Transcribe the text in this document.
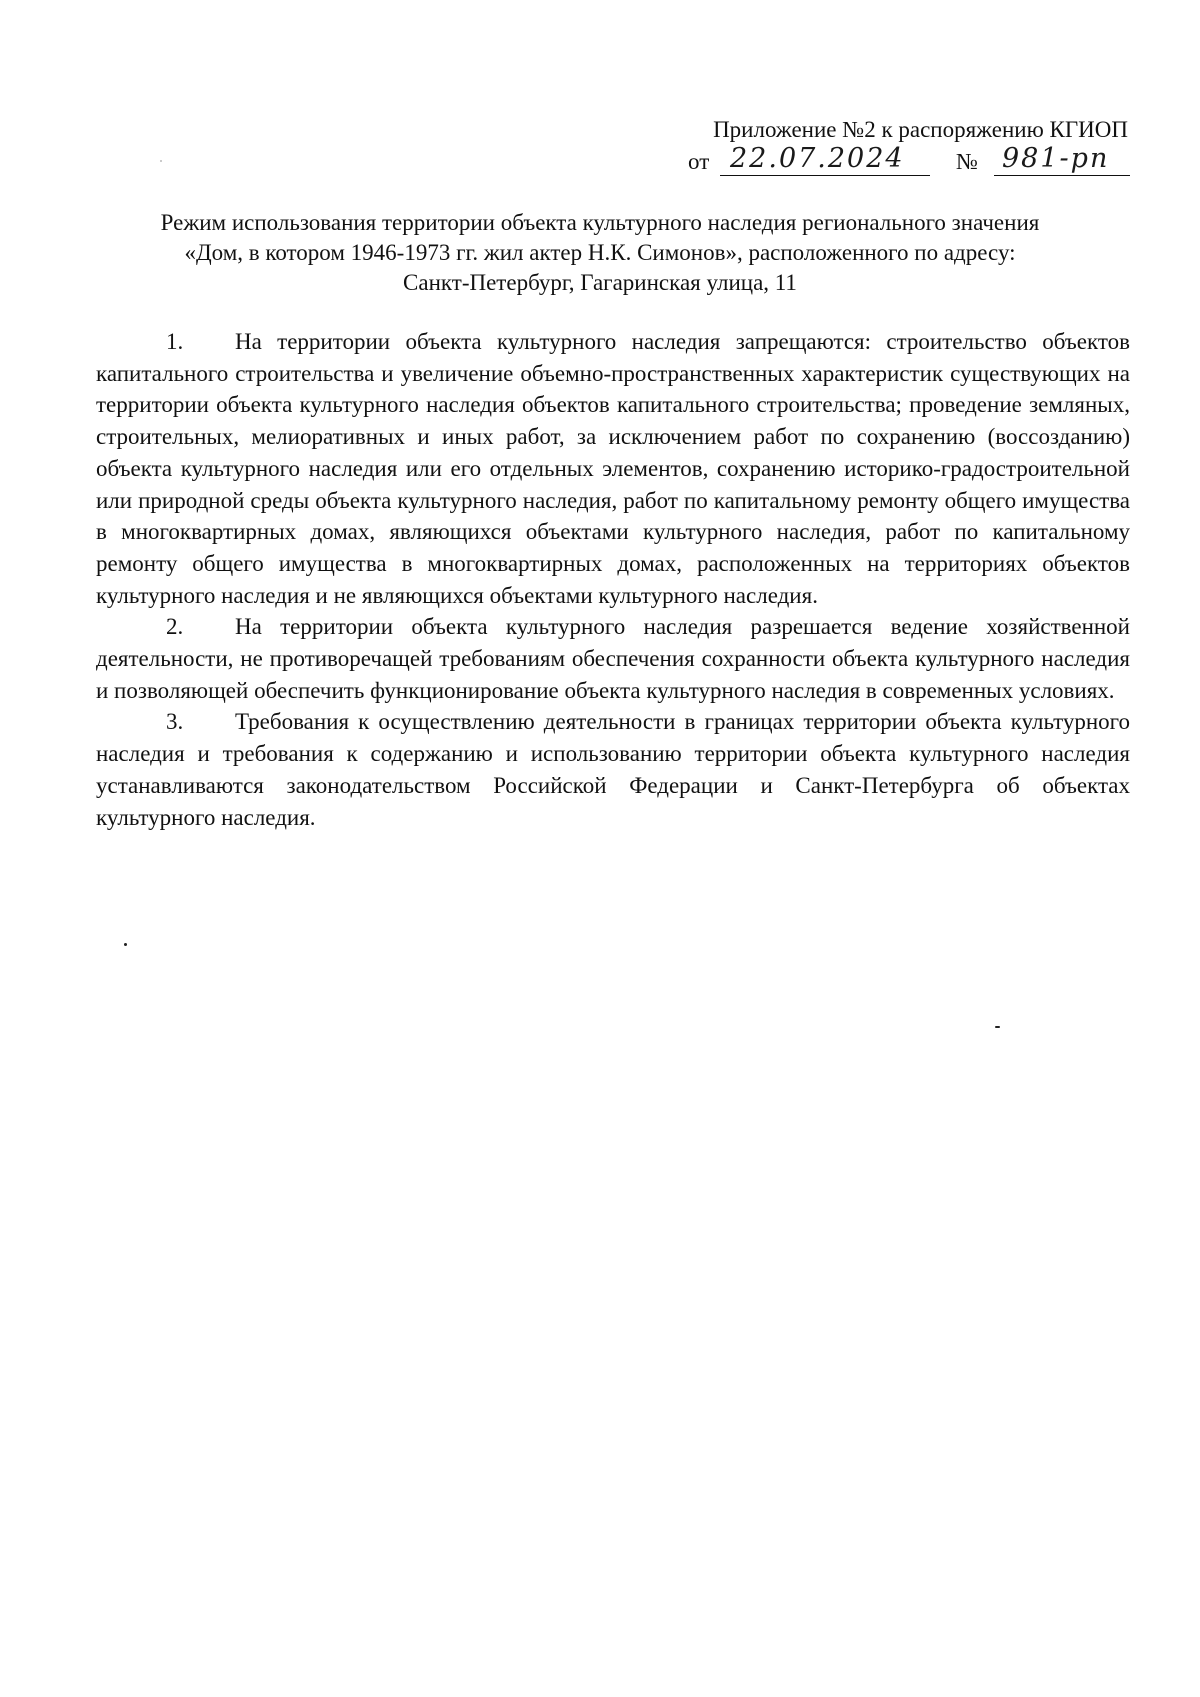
Приложение №2 к распоряжению КГИОП
от 22.07.2024	№ 981-рп
Режим использования территории объекта культурного наследия регионального значения
«Дом, в котором 1946-1973 гг. жил актер Н.К. Симонов», расположенного по адресу:
Санкт-Петербург, Гагаринская улица, 11

1. На территории объекта культурного наследия запрещаются: строительство объектов капитального строительства и увеличение объемно-пространственных характеристик существующих на территории объекта культурного наследия объектов капитального строительства; проведение земляных, строительных, мелиоративных и иных работ, за исключением работ по сохранению (воссозданию) объекта культурного наследия или его отдельных элементов, сохранению историко-градостроительной или природной среды объекта культурного наследия, работ по капитальному ремонту общего имущества в многоквартирных домах, являющихся объектами культурного наследия, работ по капитальному ремонту общего имущества в многоквартирных домах, расположенных на территориях объектов культурного наследия и не являющихся объектами культурного наследия.

2. На территории объекта культурного наследия разрешается ведение хозяйственной деятельности, не противоречащей требованиям обеспечения сохранности объекта культурного наследия и позволяющей обеспечить функционирование объекта культурного наследия в современных условиях.

3. Требования к осуществлению деятельности в границах территории объекта культурного наследия и требования к содержанию и использованию территории объекта культурного наследия устанавливаются законодательством Российской Федерации и Санкт-Петербурга об объектах культурного наследия.
